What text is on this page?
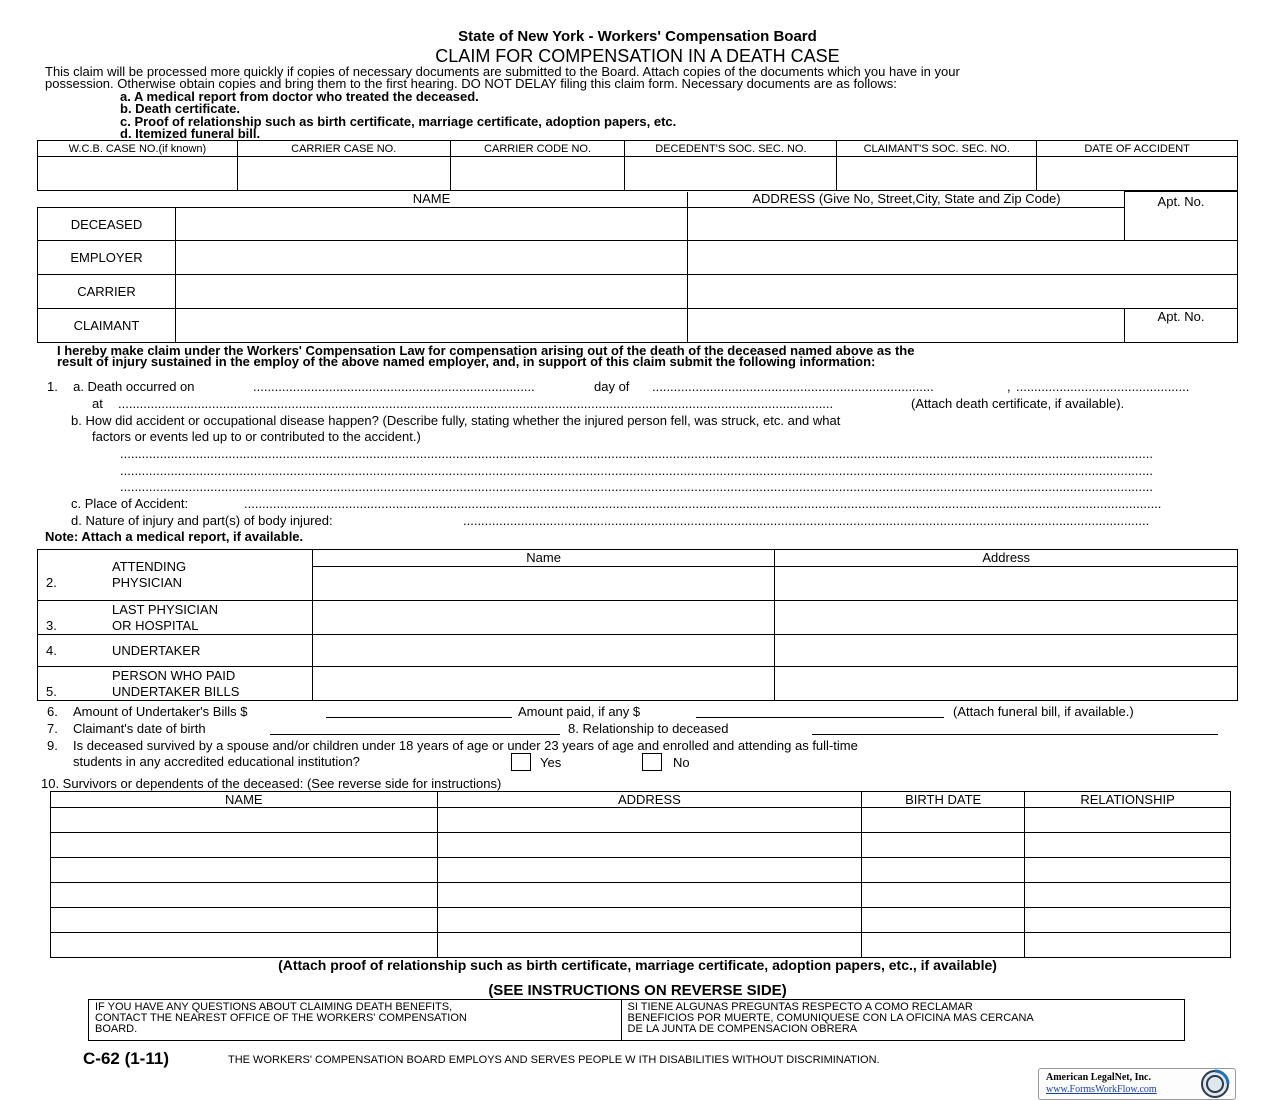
State of New York - Workers' Compensation Board
CLAIM FOR COMPENSATION IN A DEATH CASE
This claim will be processed more quickly if copies of necessary documents are submitted to the Board. Attach copies of the documents which you have in your
possession. Otherwise obtain copies and bring them to the first hearing. DO NOT DELAY filing this claim form. Necessary documents are as follows:
a. A medical report from doctor who treated the deceased.
b. Death certificate.
c. Proof of relationship such as birth certificate, marriage certificate, adoption papers, etc.
d. Itemized funeral bill.
W.C.B. CASE NO.(if known)	CARRIER CASE NO.	CARRIER CODE NO.	DECEDENT'S SOC. SEC. NO.	CLAIMANT'S SOC. SEC. NO.	DATE OF ACCIDENT

NAME	ADDRESS (Give No, Street,City, State and Zip Code)
				Apt. No.
DECEASED			
EMPLOYER			
CARRIER			
CLAIMANT			Apt. No.
I hereby make claim under the Workers' Compensation Law for compensation arising out of the death of the deceased named above as the
result of injury sustained in the employ of the above named employer, and, in support of this claim submit the following information:
1. a. Death occurred on	..............................................................................	day of ..............................................................................	, ................................................
at ......................................................................................................................................................................................................	(Attach death certificate, if available).
b. How did accident or occupational disease happen? (Describe fully, stating whether the injured person fell, was struck, etc. and what
factors or events led up to or contributed to the accident.)
..............................................................................................................................................................................................................................................................................................
..............................................................................................................................................................................................................................................................................................
..............................................................................................................................................................................................................................................................................................
c. Place of Accident:	..............................................................................................................................................................................................................................................................
d. Nature of injury and part(s) of body injured:	..............................................................................................................................................................................................
Note: Attach a medical report, if available.
2.ATTENDING
PHYSICIAN	Name	Address

3.LAST PHYSICIAN
OR HOSPITAL		
4. UNDERTAKER		
5.PERSON WHO PAID
UNDERTAKER BILLS		
6. Amount of Undertaker's Bills $	Amount paid, if any $	(Attach funeral bill, if available.)
7. Claimant's date of birth	8. Relationship to deceased
9. Is deceased survived by a spouse and/or children under 18 years of age or under 23 years of age and enrolled and attending as full-time
students in any accredited educational institution?	Yes	No
10. Survivors or dependents of the deceased: (See reverse side for instructions)
NAME	ADDRESS	BIRTH DATE	RELATIONSHIP

(Attach proof of relationship such as birth certificate, marriage certificate, adoption papers, etc., if available)
(SEE INSTRUCTIONS ON REVERSE SIDE)
IF YOU HAVE ANY QUESTIONS ABOUT CLAIMING DEATH BENEFITS,
CONTACT THE NEAREST OFFICE OF THE WORKERS' COMPENSATION
BOARD.

SI TIENE ALGUNAS PREGUNTAS RESPECTO A COMO RECLAMAR
BENEFICIOS POR MUERTE, COMUNIQUESE CON LA OFICINA MAS CERCANA
DE LA JUNTA DE COMPENSACION OBRERA
C-62 (1-11)	THE WORKERS' COMPENSATION BOARD EMPLOYS AND SERVES PEOPLE W ITH DISABILITIES WITHOUT DISCRIMINATION.
American LegalNet, Inc.
www.FormsWorkFlow.com
